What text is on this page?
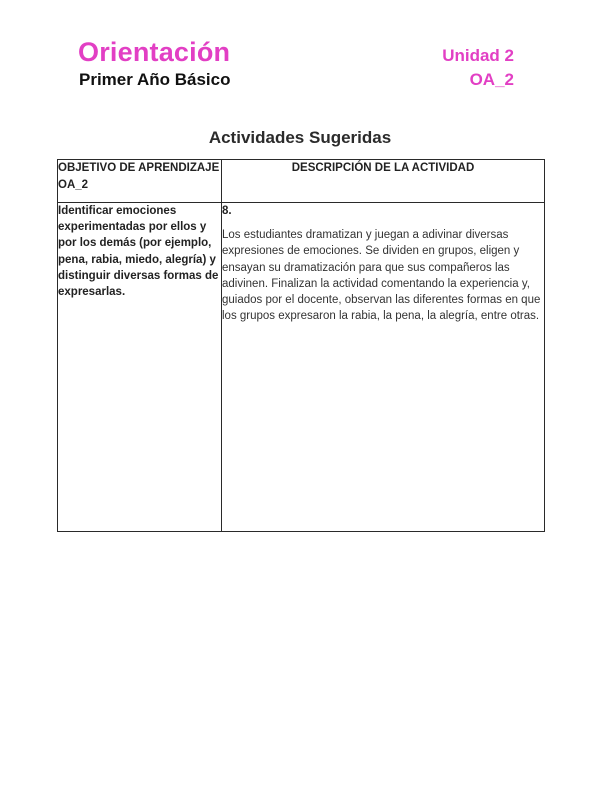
Orientación
Primer Año Básico
Unidad 2
OA_2
Actividades Sugeridas
OBJETIVO DE APRENDIZAJE OA_2	DESCRIPCIÓN DE LA ACTIVIDAD
Identificar emociones experimentadas por ellos y por los demás (por ejemplo, pena, rabia, miedo, alegría) y distinguir diversas formas de expresarlas.	8.
Los estudiantes dramatizan y juegan a adivinar diversas expresiones de emociones. Se dividen en grupos, eligen y ensayan su dramatización para que sus compañeros las adivinen. Finalizan la actividad comentando la experiencia y, guiados por el docente, observan las diferentes formas en que los grupos expresaron la rabia, la pena, la alegría, entre otras.
